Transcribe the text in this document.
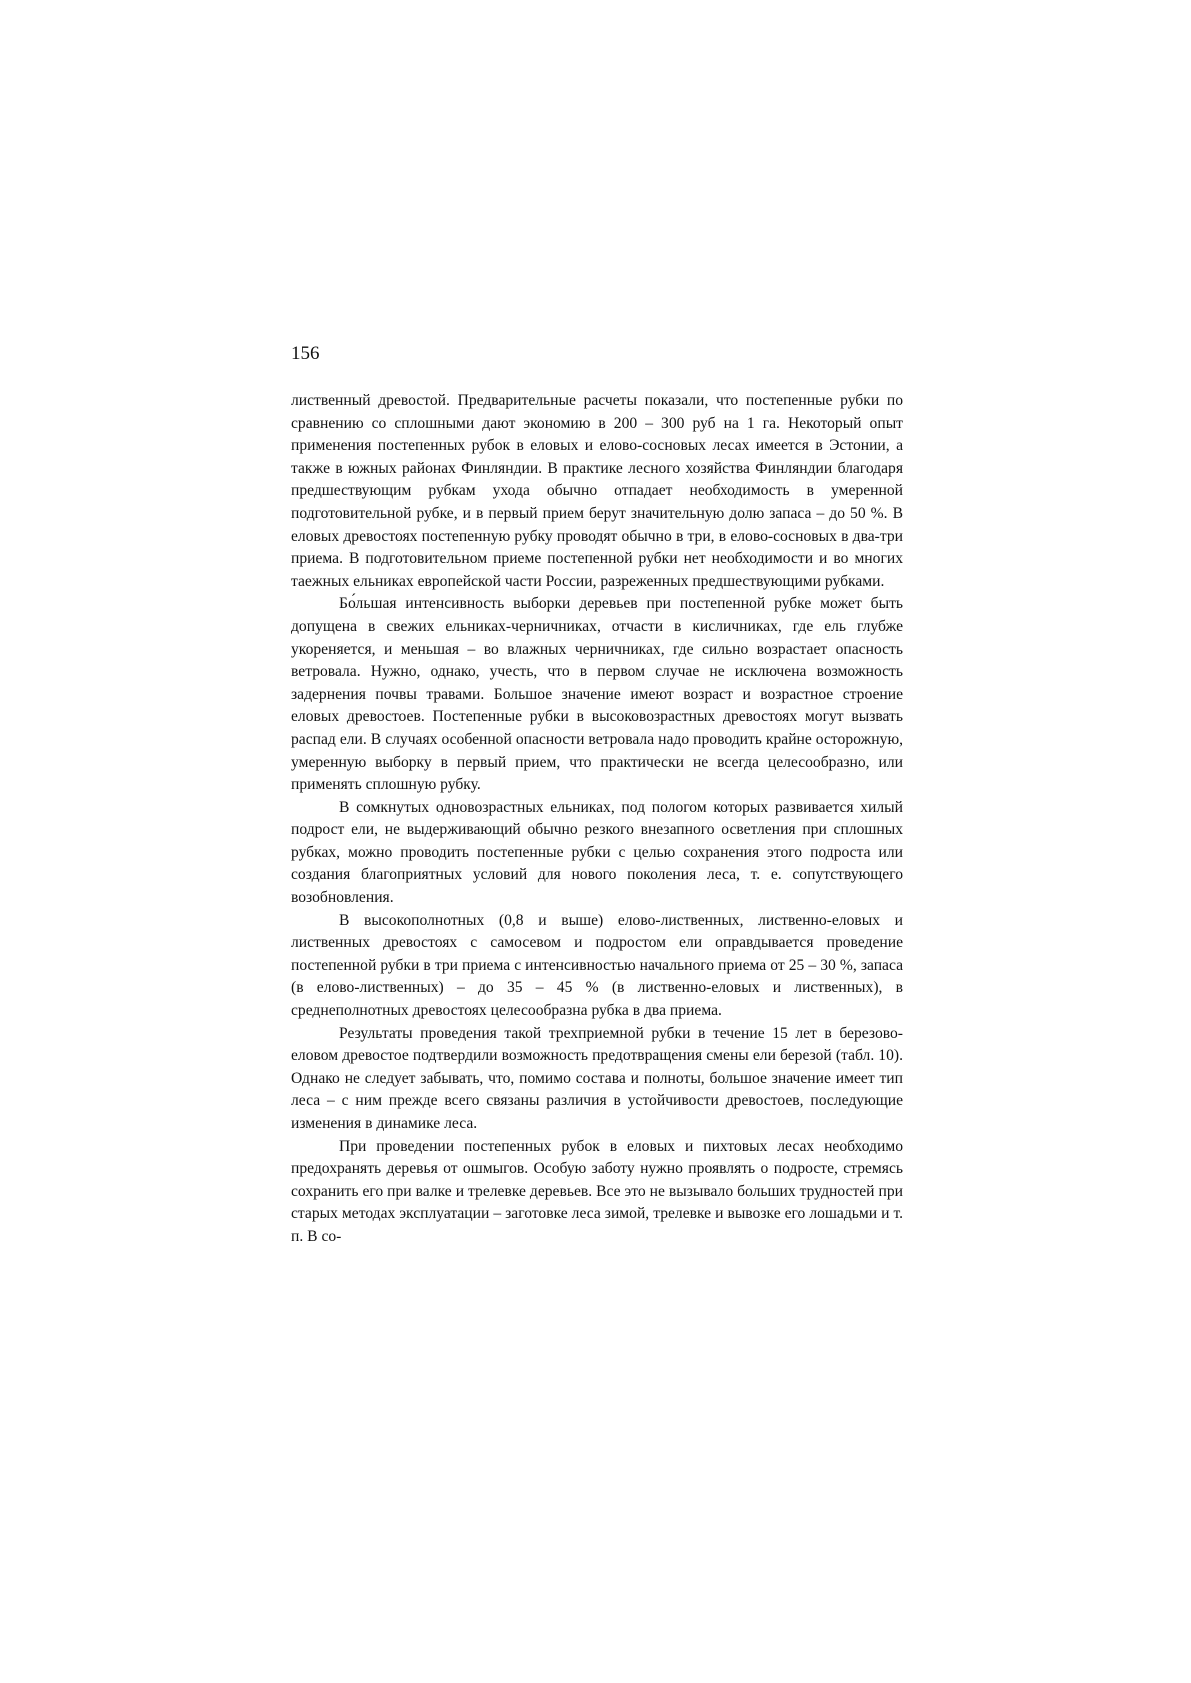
156

лиственный древостой. Предварительные расчеты показали, что постепенные рубки по сравнению со сплошными дают экономию в 200 – 300 руб на 1 га. Некоторый опыт применения постепенных рубок в еловых и елово-сосновых лесах имеется в Эстонии, а также в южных районах Финляндии. В практике лесного хозяйства Финляндии благодаря предшествующим рубкам ухода обычно отпадает необходимость в умеренной подготовительной рубке, и в первый прием берут значительную долю запаса – до 50 %. В еловых древостоях постепенную рубку проводят обычно в три, в елово-сосновых в два-три приема. В подготовительном приеме постепенной рубки нет необходимости и во многих таежных ельниках европейской части России, разреженных предшествующими рубками.

Бо́льшая интенсивность выборки деревьев при постепенной рубке может быть допущена в свежих ельниках-черничниках, отчасти в кисличниках, где ель глубже укореняется, и меньшая – во влажных черничниках, где сильно возрастает опасность ветровала. Нужно, однако, учесть, что в первом случае не исключена возможность задернения почвы травами. Большое значение имеют возраст и возрастное строение еловых древостоев. Постепенные рубки в высоковозрастных древостоях могут вызвать распад ели. В случаях особенной опасности ветровала надо проводить крайне осторожную, умеренную выборку в первый прием, что практически не всегда целесообразно, или применять сплошную рубку.

В сомкнутых одновозрастных ельниках, под пологом которых развивается хилый подрост ели, не выдерживающий обычно резкого внезапного осветления при сплошных рубках, можно проводить постепенные рубки с целью сохранения этого подроста или создания благоприятных условий для нового поколения леса, т. е. сопутствующего возобновления.

В высокополнотных (0,8 и выше) елово-лиственных, лиственно-еловых и лиственных древостоях с самосевом и подростом ели оправдывается проведение постепенной рубки в три приема с интенсивностью начального приема от 25 – 30 %, запаса (в елово-лиственных) – до 35 – 45 % (в лиственно-еловых и лиственных), в среднеполнотных древостоях целесообразна рубка в два приема.

Результаты проведения такой трехприемной рубки в течение 15 лет в березово-еловом древостое подтвердили возможность предотвращения смены ели березой (табл. 10). Однако не следует забывать, что, помимо состава и полноты, большое значение имеет тип леса – с ним прежде всего связаны различия в устойчивости древостоев, последующие изменения в динамике леса.

При проведении постепенных рубок в еловых и пихтовых лесах необходимо предохранять деревья от ошмыгов. Особую заботу нужно проявлять о подросте, стремясь сохранить его при валке и трелевке деревьев. Все это не вызывало больших трудностей при старых методах эксплуатации – заготовке леса зимой, трелевке и вывозке его лошадьми и т. п. В со-
